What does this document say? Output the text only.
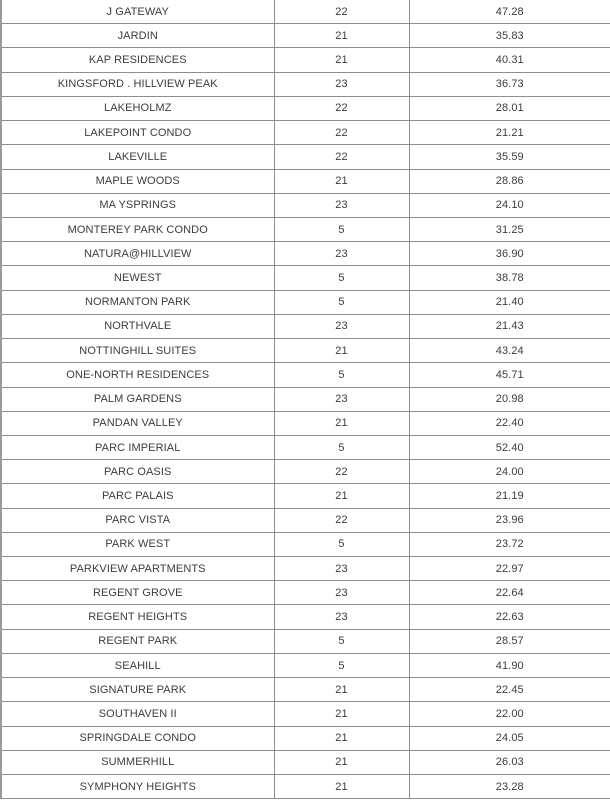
J GATEWAY	22	47.28
JARDIN	21	35.83
KAP RESIDENCES	21	40.31
KINGSFORD . HILLVIEW PEAK	23	36.73
LAKEHOLMZ	22	28.01
LAKEPOINT CONDO	22	21.21
LAKEVILLE	22	35.59
MAPLE WOODS	21	28.86
MA YSPRINGS	23	24.10
MONTEREY PARK CONDO	5	31.25
NATURA@HILLVIEW	23	36.90
NEWEST	5	38.78
NORMANTON PARK	5	21.40
NORTHVALE	23	21.43
NOTTINGHILL SUITES	21	43.24
ONE-NORTH RESIDENCES	5	45.71
PALM GARDENS	23	20.98
PANDAN VALLEY	21	22.40
PARC IMPERIAL	5	52.40
PARC OASIS	22	24.00
PARC PALAIS	21	21.19
PARC VISTA	22	23.96
PARK WEST	5	23.72
PARKVIEW APARTMENTS	23	22.97
REGENT GROVE	23	22.64
REGENT HEIGHTS	23	22.63
REGENT PARK	5	28.57
SEAHILL	5	41.90
SIGNATURE PARK	21	22.45
SOUTHAVEN II	21	22.00
SPRINGDALE CONDO	21	24.05
SUMMERHILL	21	26.03
SYMPHONY HEIGHTS	21	23.28
